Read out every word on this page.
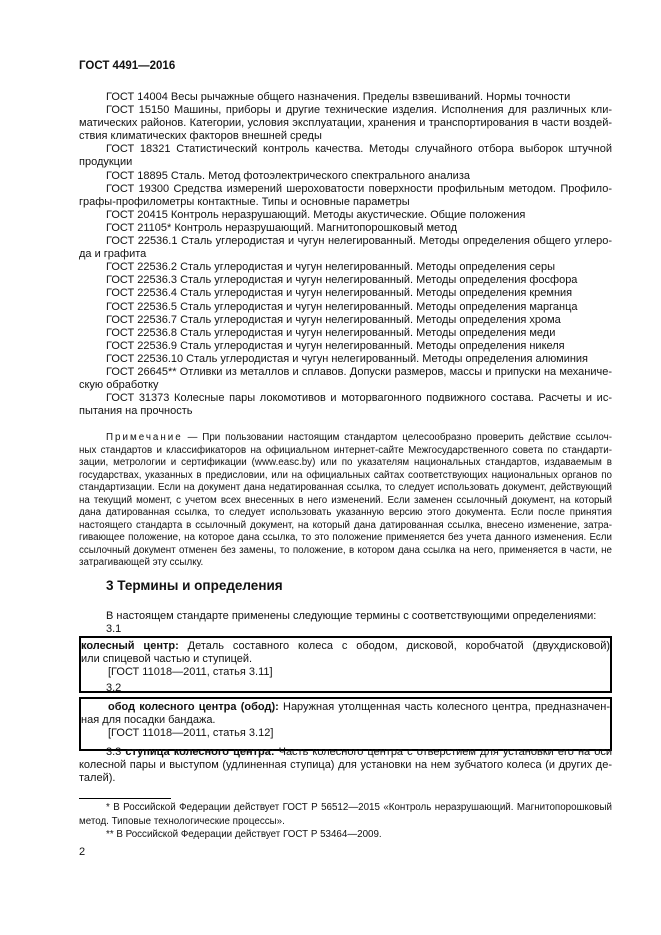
ГОСТ 4491—2016
ГОСТ 14004 Весы рычажные общего назначения. Пределы взвешиваний. Нормы точности
ГОСТ 15150 Машины, приборы и другие технические изделия. Исполнения для различных кли-
матических районов. Категории, условия эксплуатации, хранения и транспортирования в части воздей-
ствия климатических факторов внешней среды
ГОСТ 18321 Статистический контроль качества. Методы случайного отбора выборок штучной
продукции
ГОСТ 18895 Сталь. Метод фотоэлектрического спектрального анализа
ГОСТ 19300 Средства измерений шероховатости поверхности профильным методом. Профило-
графы-профилометры контактные. Типы и основные параметры
ГОСТ 20415 Контроль неразрушающий. Методы акустические. Общие положения
ГОСТ 21105* Контроль неразрушающий. Магнитопорошковый метод
ГОСТ 22536.1 Сталь углеродистая и чугун нелегированный. Методы определения общего углеро-
да и графита
ГОСТ 22536.2 Сталь углеродистая и чугун нелегированный. Методы определения серы
ГОСТ 22536.3 Сталь углеродистая и чугун нелегированный. Методы определения фосфора
ГОСТ 22536.4 Сталь углеродистая и чугун нелегированный. Методы определения кремния
ГОСТ 22536.5 Сталь углеродистая и чугун нелегированный. Методы определения марганца
ГОСТ 22536.7 Сталь углеродистая и чугун нелегированный. Методы определения хрома
ГОСТ 22536.8 Сталь углеродистая и чугун нелегированный. Методы определения меди
ГОСТ 22536.9 Сталь углеродистая и чугун нелегированный. Методы определения никеля
ГОСТ 22536.10 Сталь углеродистая и чугун нелегированный. Методы определения алюминия
ГОСТ 26645** Отливки из металлов и сплавов. Допуски размеров, массы и припуски на механиче-
скую обработку
ГОСТ 31373 Колесные пары локомотивов и моторвагонного подвижного состава. Расчеты и ис-
пытания на прочность
Примечание — При пользовании настоящим стандартом целесообразно проверить действие ссылоч-
ных стандартов и классификаторов на официальном интернет-сайте Межгосударственного совета по стандарти-
зации, метрологии и сертификации (www.easc.by) или по указателям национальных стандартов, издаваемым в
государствах, указанных в предисловии, или на официальных сайтах соответствующих национальных органов по
стандартизации. Если на документ дана недатированная ссылка, то следует использовать документ, действующий
на текущий момент, с учетом всех внесенных в него изменений. Если заменен ссылочный документ, на который
дана датированная ссылка, то следует использовать указанную версию этого документа. Если после принятия
настоящего стандарта в ссылочный документ, на который дана датированная ссылка, внесено изменение, затра-
гивающее положение, на которое дана ссылка, то это положение применяется без учета данного изменения. Если
ссылочный документ отменен без замены, то положение, в котором дана ссылка на него, применяется в части, не
затрагивающей эту ссылку.
3 Термины и определения
В настоящем стандарте применены следующие термины с соответствующими определениями:
3.1
колесный центр: Деталь составного колеса с ободом, дисковой, коробчатой (двухдисковой)
или спицевой частью и ступицей.
[ГОСТ 11018—2011, статья 3.11]
3.2
обод колесного центра (обод): Наружная утолщенная часть колесного центра, предназначен-
ная для посадки бандажа.
[ГОСТ 11018—2011, статья 3.12]
3.3 ступица колесного центра: Часть колесного центра с отверстием для установки его на оси
колесной пары и выступом (удлиненная ступица) для установки на нем зубчатого колеса (и других де-
талей).
* В Российской Федерации действует ГОСТ Р 56512—2015 «Контроль неразрушающий. Магнитопорошковый
метод. Типовые технологические процессы».
** В Российской Федерации действует ГОСТ Р 53464—2009.
2
